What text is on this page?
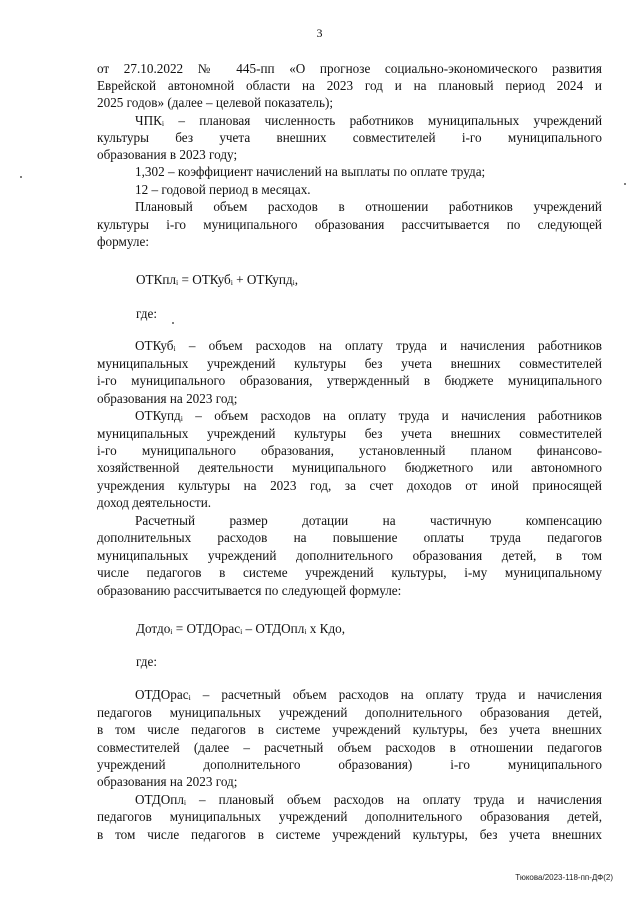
3
от 27.10.2022 № 445-пп «О прогнозе социально-экономического развития
Еврейской автономной области на 2023 год и на плановый период 2024 и
2025 годов» (далее – целевой показатель);
ЧПКᵢ – плановая численность работников муниципальных учреждений
культуры без учета внешних совместителей i-го муниципального
образования в 2023 году;
1,302 – коэффициент начислений на выплаты по оплате труда;
12 – годовой период в месяцах.
Плановый объем расходов в отношении работников учреждений
культуры i-го муниципального образования рассчитывается по следующей
формуле:
ОТКплᵢ = ОТКубᵢ + ОТКупдᵢ,
где:
ОТКубᵢ – объем расходов на оплату труда и начисления работников
муниципальных учреждений культуры без учета внешних совместителей
i-го муниципального образования, утвержденный в бюджете муниципального
образования на 2023 год;
ОТКупдᵢ – объем расходов на оплату труда и начисления работников
муниципальных учреждений культуры без учета внешних совместителей
i-го муниципального образования, установленный планом финансово-
хозяйственной деятельности муниципального бюджетного или автономного
учреждения культуры на 2023 год, за счет доходов от иной приносящей
доход деятельности.
Расчетный размер дотации на частичную компенсацию
дополнительных расходов на повышение оплаты труда педагогов
муниципальных учреждений дополнительного образования детей, в том
числе педагогов в системе учреждений культуры, i-му муниципальному
образованию рассчитывается по следующей формуле:
Дотдоᵢ = ОТДОрасᵢ – ОТДОплᵢ х Кдо,
где:
ОТДОрасᵢ – расчетный объем расходов на оплату труда и начисления
педагогов муниципальных учреждений дополнительного образования детей,
в том числе педагогов в системе учреждений культуры, без учета внешних
совместителей (далее – расчетный объем расходов в отношении педагогов
учреждений дополнительного образования) i-го муниципального
образования на 2023 год;
ОТДОплᵢ – плановый объем расходов на оплату труда и начисления
педагогов муниципальных учреждений дополнительного образования детей,
в том числе педагогов в системе учреждений культуры, без учета внешних
Тюкова/2023-118-пп-ДФ(2)
